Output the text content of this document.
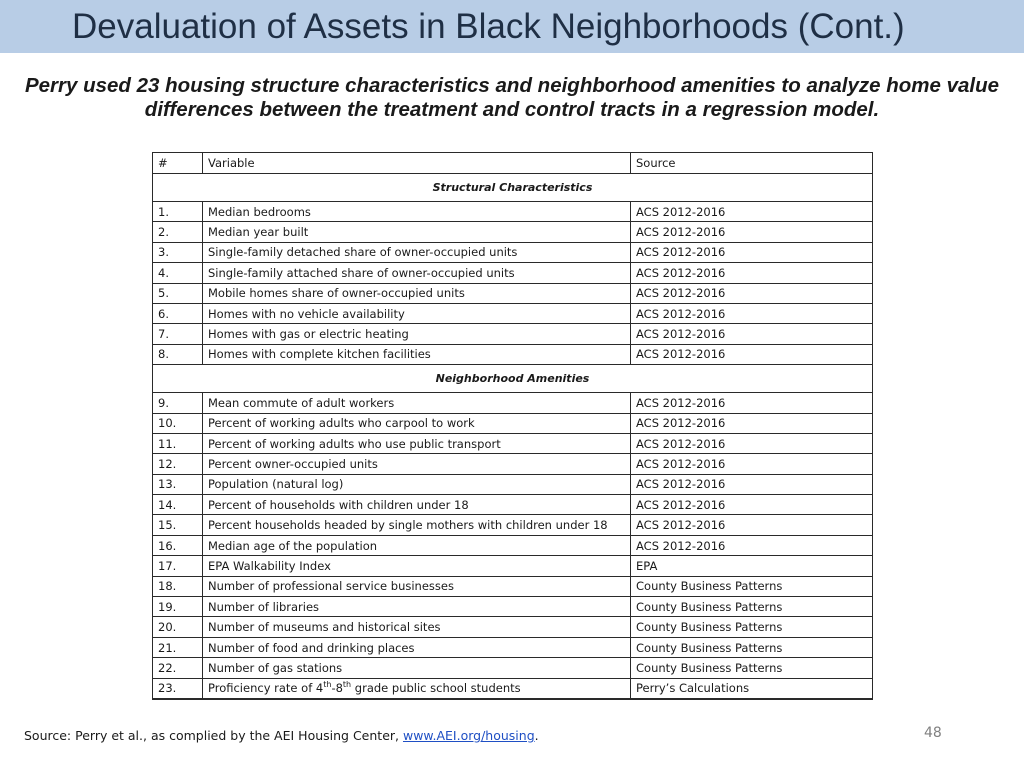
Devaluation of Assets in Black Neighborhoods (Cont.)

Perry used 23 housing structure characteristics and neighborhood amenities to analyze home value differences between the treatment and control tracts in a regression model.

#	Variable	Source
Structural Characteristics		
1.	Median bedrooms	ACS 2012-2016
2.	Median year built	ACS 2012-2016
3.	Single-family detached share of owner-occupied units	ACS 2012-2016
4.	Single-family attached share of owner-occupied units	ACS 2012-2016
5.	Mobile homes share of owner-occupied units	ACS 2012-2016
6.	Homes with no vehicle availability	ACS 2012-2016
7.	Homes with gas or electric heating	ACS 2012-2016
8.	Homes with complete kitchen facilities	ACS 2012-2016
Neighborhood Amenities		
9.	Mean commute of adult workers	ACS 2012-2016
10.	Percent of working adults who carpool to work	ACS 2012-2016
11.	Percent of working adults who use public transport	ACS 2012-2016
12.	Percent owner-occupied units	ACS 2012-2016
13.	Population (natural log)	ACS 2012-2016
14.	Percent of households with children under 18	ACS 2012-2016
15.	Percent households headed by single mothers with children under 18	ACS 2012-2016
16.	Median age of the population	ACS 2012-2016
17.	EPA Walkability Index	EPA
18.	Number of professional service businesses	County Business Patterns
19.	Number of libraries	County Business Patterns
20.	Number of museums and historical sites	County Business Patterns
21.	Number of food and drinking places	County Business Patterns
22.	Number of gas stations	County Business Patterns
23.	Proficiency rate of 4th-8th grade public school students	Perry’s Calculations
Source: Perry et al., as complied by the AEI Housing Center, www.AEI.org/housing.	48
